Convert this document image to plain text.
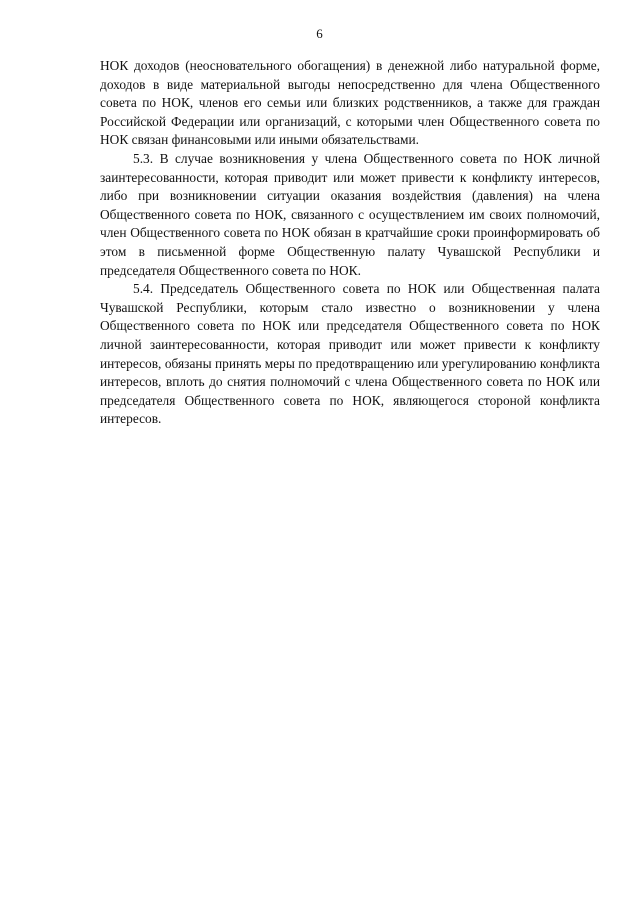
6

НОК доходов (неосновательного обогащения) в денежной либо натуральной форме, доходов в виде материальной выгоды непосредственно для члена Общественного совета по НОК, членов его семьи или близких родственников, а также для граждан Российской Федерации или организаций, с которыми член Общественного совета по НОК связан финансовыми или иными обязательствами.

5.3. В случае возникновения у члена Общественного совета по НОК личной заинтересованности, которая приводит или может привести к конфликту интересов, либо при возникновении ситуации оказания воздействия (давления) на члена Общественного совета по НОК, связанного с осуществлением им своих полномочий, член Общественного совета по НОК обязан в кратчайшие сроки проинформировать об этом в письменной форме Общественную палату Чувашской Республики и председателя Общественного совета по НОК.

5.4. Председатель Общественного совета по НОК или Общественная палата Чувашской Республики, которым стало известно о возникновении у члена Общественного совета по НОК или председателя Общественного совета по НОК личной заинтересованности, которая приводит или может привести к конфликту интересов, обязаны принять меры по предотвращению или урегулированию конфликта интересов, вплоть до снятия полномочий с члена Общественного совета по НОК или председателя Общественного совета по НОК, являющегося стороной конфликта интересов.
